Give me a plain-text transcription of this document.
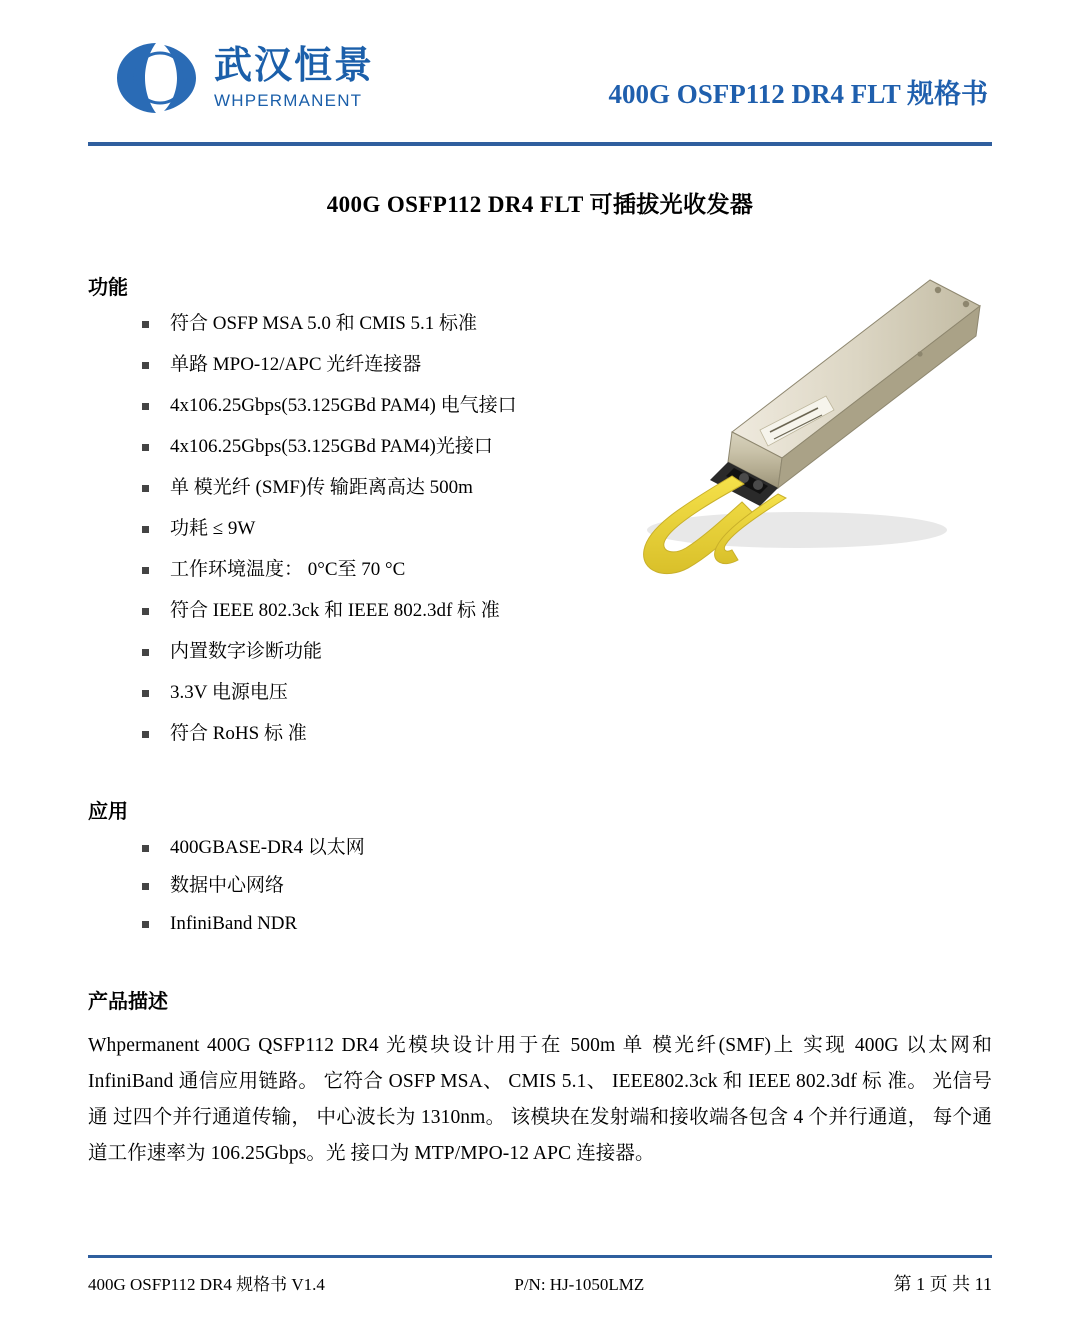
武汉恒景
WHPERMANENT	400G OSFP112 DR4 FLT 规格书
400G OSFP112 DR4 FLT 可插拔光收发器
功能
符合 OSFP MSA 5.0 和 CMIS 5.1 标准
单路 MPO-12/APC 光纤连接器
4x106.25Gbps(53.125GBd PAM4) 电气接口
4x106.25Gbps(53.125GBd PAM4)光接口
单 模光纤 (SMF)传 输距离高达 500m
功耗 ≤ 9W
工作环境温度： 0°C至 70 °C
符合 IEEE 802.3ck 和 IEEE 802.3df 标 准
内置数字诊断功能
3.3V 电源电压
符合 RoHS 标 准
应用
400GBASE-DR4 以太网
数据中心网络
InfiniBand NDR
产品描述

Whpermanent 400G QSFP112 DR4 光模块设计用于在 500m 单 模光纤(SMF)上 实现 400G 以太网和 InfiniBand 通信应用链路。 它符合 OSFP MSA、 CMIS 5.1、 IEEE802.3ck 和 IEEE 802.3df 标 准。 光信号通 过四个并行通道传输， 中心波长为 1310nm。 该模块在发射端和接收端各包含 4 个并行通道， 每个通道工作速率为 106.25Gbps。光 接口为 MTP/MPO-12 APC 连接器。

400G OSFP112 DR4 规格书 V1.4	P/N: HJ-1050LMZ	第 1 页 共 11
